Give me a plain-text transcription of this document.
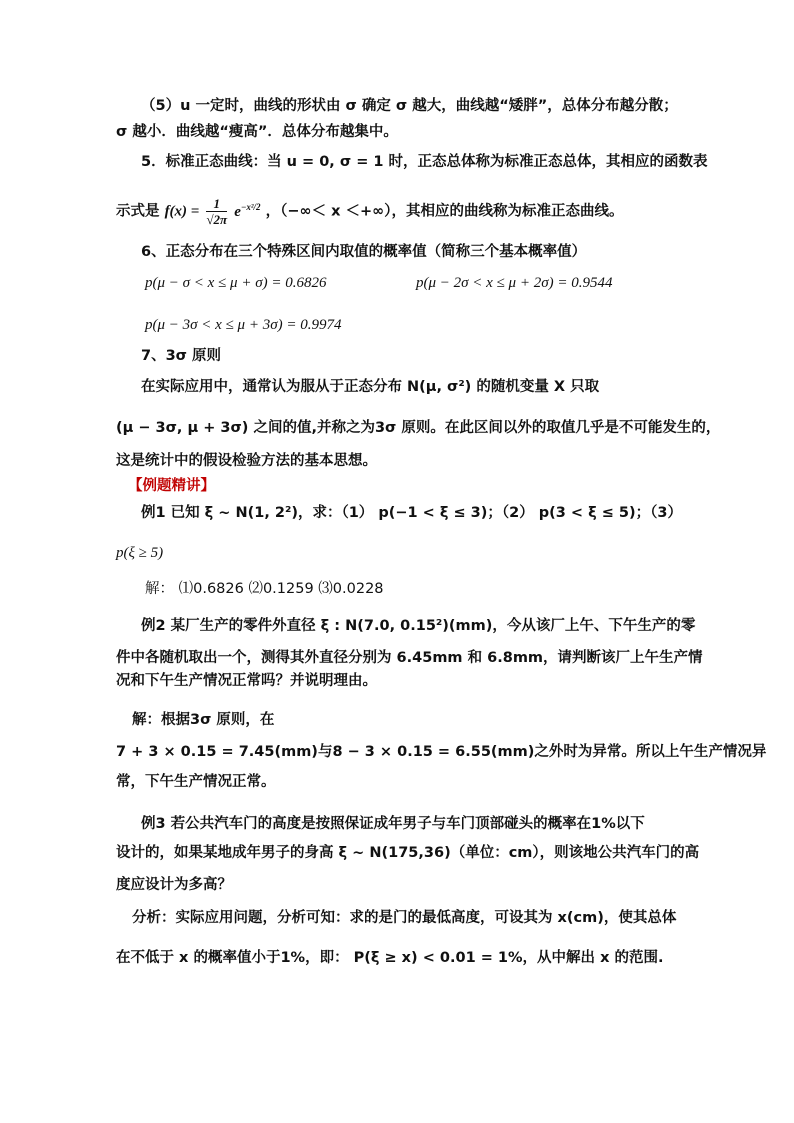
（5）u 一定时，曲线的形状由 σ 确定 σ 越大，曲线越“矮胖”，总体分布越分散；
σ 越小．曲线越“瘦高”．总体分布越集中。
5．标准正态曲线：当 u = 0, σ = 1 时，正态总体称为标准正态总体，其相应的函数表
示式是 $f(x) = \frac{1}{√2\pi} e^{-x^2/2}$ ，（−∞＜ x ＜+∞），其相应的曲线称为标准正态曲线。
6、正态分布在三个特殊区间内取值的概率值（简称三个基本概率值）
p(μ − σ < x ≤ μ + σ) = 0.6826	p(μ − 2σ < x ≤ μ + 2σ) = 0.9544
p(μ − 3σ < x ≤ μ + 3σ) = 0.9974
7、3σ 原则
在实际应用中，通常认为服从于正态分布 N(μ, σ²) 的随机变量 X 只取
(μ − 3σ, μ + 3σ) 之间的值,并称之为3σ 原则。在此区间以外的取值几乎是不可能发生的，
这是统计中的假设检验方法的基本思想。
【例题精讲】
例1 已知 ξ ~ N(1, 2²)，求：（1） p(−1 < ξ ≤ 3)；（2） p(3 < ξ ≤ 5)；（3）
p(ξ ≥ 5)
解： ⑴0.6826 ⑵0.1259 ⑶0.0228
例2 某厂生产的零件外直径 ξ : N(7.0, 0.15²)(mm)，今从该厂上午、下午生产的零
件中各随机取出一个，测得其外直径分别为 6.45mm 和 6.8mm，请判断该厂上午生产情
况和下午生产情况正常吗？并说明理由。
解：根据3σ 原则，在
7 + 3 × 0.15 = 7.45(mm)与8 − 3 × 0.15 = 6.55(mm)之外时为异常。所以上午生产情况异
常，下午生产情况正常。
例3 若公共汽车门的高度是按照保证成年男子与车门顶部碰头的概率在1%以下
设计的，如果某地成年男子的身高 ξ ~ N(175,36)（单位：cm），则该地公共汽车门的高
度应设计为多高？
分析：实际应用问题，分析可知：求的是门的最低高度，可设其为 x(cm)，使其总体
在不低于 x 的概率值小于1%，即： P(ξ ≥ x) < 0.01 = 1%，从中解出 x 的范围.
